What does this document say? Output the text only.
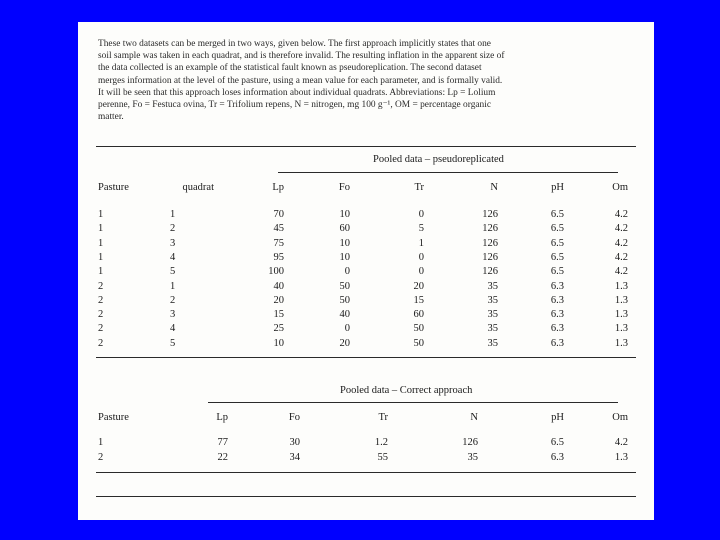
These two datasets can be merged in two ways, given below. The first approach implicitly states that one
soil sample was taken in each quadrat, and is therefore invalid. The resulting inflation in the apparent size of
the data collected is an example of the statistical fault known as pseudoreplication. The second dataset
merges information at the level of the pasture, using a mean value for each parameter, and is formally valid.
It will be seen that this approach loses information about individual quadrats. Abbreviations: Lp = Lolium
perenne, Fo = Festuca ovina, Tr = Trifolium repens, N = nitrogen, mg 100 g⁻¹, OM = percentage organic
matter.
Pooled data – pseudoreplicated
Pasture	quadrat	Lp	Fo	Tr	N	pH	Om
1	1	70	10	0	126	6.5	4.2
1	2	45	60	5	126	6.5	4.2
1	3	75	10	1	126	6.5	4.2
1	4	95	10	0	126	6.5	4.2
1	5	100	0	0	126	6.5	4.2
2	1	40	50	20	35	6.3	1.3
2	2	20	50	15	35	6.3	1.3
2	3	15	40	60	35	6.3	1.3
2	4	25	0	50	35	6.3	1.3
2	5	10	20	50	35	6.3	1.3
Pooled data – Correct approach
Pasture	Lp	Fo	Tr	N	pH	Om
1	77	30	1.2	126	6.5	4.2
2	22	34	55	35	6.3	1.3
